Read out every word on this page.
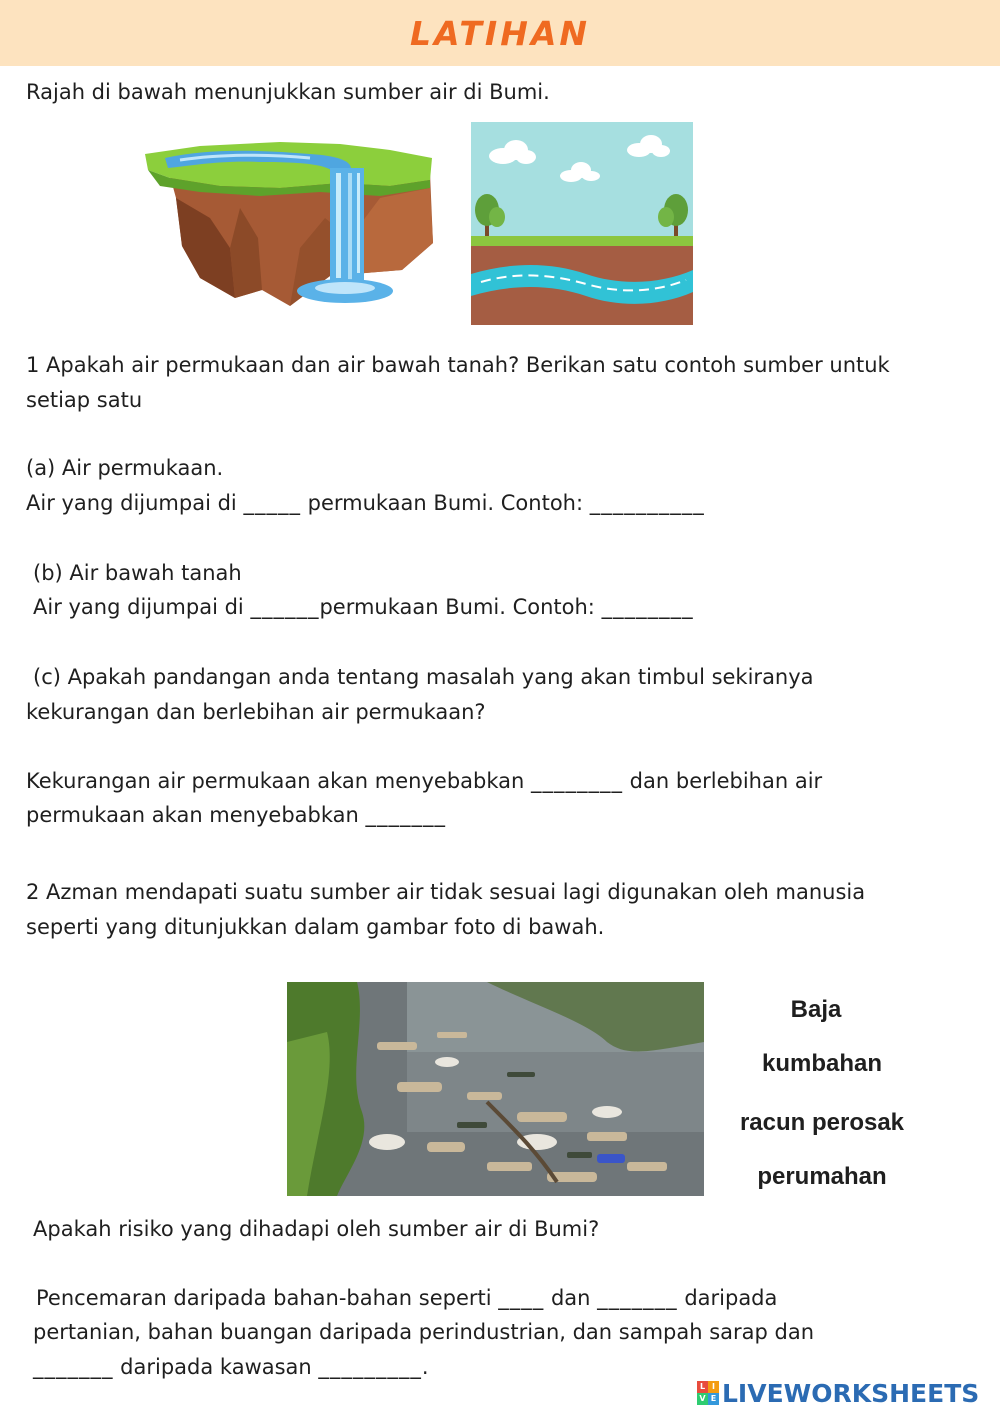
LATIHAN
Rajah di bawah menunjukkan sumber air di Bumi.
1 Apakah air permukaan dan air bawah tanah? Berikan satu contoh sumber untuk
setiap satu
(a) Air permukaan.
Air yang dijumpai di _____ permukaan Bumi. Contoh: __________
(b) Air bawah tanah
Air yang dijumpai di ______permukaan Bumi. Contoh: ________
(c) Apakah pandangan anda tentang masalah yang akan timbul sekiranya
kekurangan dan berlebihan air permukaan?
Kekurangan air permukaan akan menyebabkan ________ dan berlebihan air
permukaan akan menyebabkan _______
2 Azman mendapati suatu sumber air tidak sesuai lagi digunakan oleh manusia
seperti yang ditunjukkan dalam gambar foto di bawah.
Baja
kumbahan
racun perosak
perumahan
Apakah risiko yang dihadapi oleh sumber air di Bumi?
Pencemaran daripada bahan-bahan seperti ____ dan _______ daripada
pertanian, bahan buangan daripada perindustrian, dan sampah sarap dan
_______ daripada kawasan _________.
L I
V E LIVEWORKSHEETS
